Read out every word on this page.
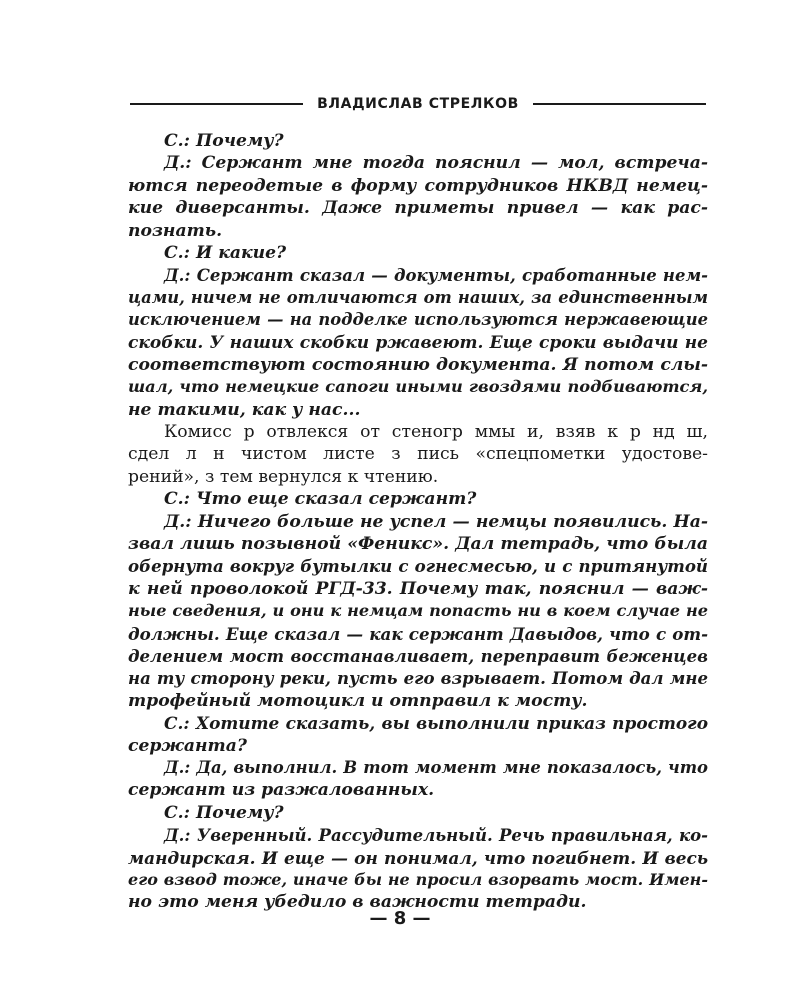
ВЛАДИСЛАВ СТРЕЛКОВ
С.: Почему?
Д.: Сержант мне тогда пояснил — мол, встреча-
ются переодетые в форму сотрудников НКВД немец-
кие диверсанты. Даже приметы привел — как рас-
познать.
С.: И какие?
Д.: Сержант сказал — документы, сработанные нем-
цами, ничем не отличаются от наших, за единственным
исключением — на подделке используются нержавеющие
скобки. У наших скобки ржавеют. Еще сроки выдачи не
соответствуют состоянию документа. Я потом слы-
шал, что немецкие сапоги иными гвоздями подбиваются,
не такими, как у нас...
Комисс р отвлекся от стеногр ммы и, взяв к р нд ш,
сдел л н чистом листе з пись «спецпометки удостове-
рений», з тем вернулся к чтению.
С.: Что еще сказал сержант?
Д.: Ничего больше не успел — немцы появились. На-
звал лишь позывной «Феникс». Дал тетрадь, что была
обернута вокруг бутылки с огнесмесью, и с притянутой
к ней проволокой РГД-33. Почему так, пояснил — важ-
ные сведения, и они к немцам попасть ни в коем случае не
должны. Еще сказал — как сержант Давыдов, что с от-
делением мост восстанавливает, переправит беженцев
на ту сторону реки, пусть его взрывает. Потом дал мне
трофейный мотоцикл и отправил к мосту.
С.: Хотите сказать, вы выполнили приказ простого
сержанта?
Д.: Да, выполнил. В тот момент мне показалось, что
сержант из разжалованных.
С.: Почему?
Д.: Уверенный. Рассудительный. Речь правильная, ко-
мандирская. И еще — он понимал, что погибнет. И весь
его взвод тоже, иначе бы не просил взорвать мост. Имен-
но это меня убедило в важности тетради.
— 8 —
